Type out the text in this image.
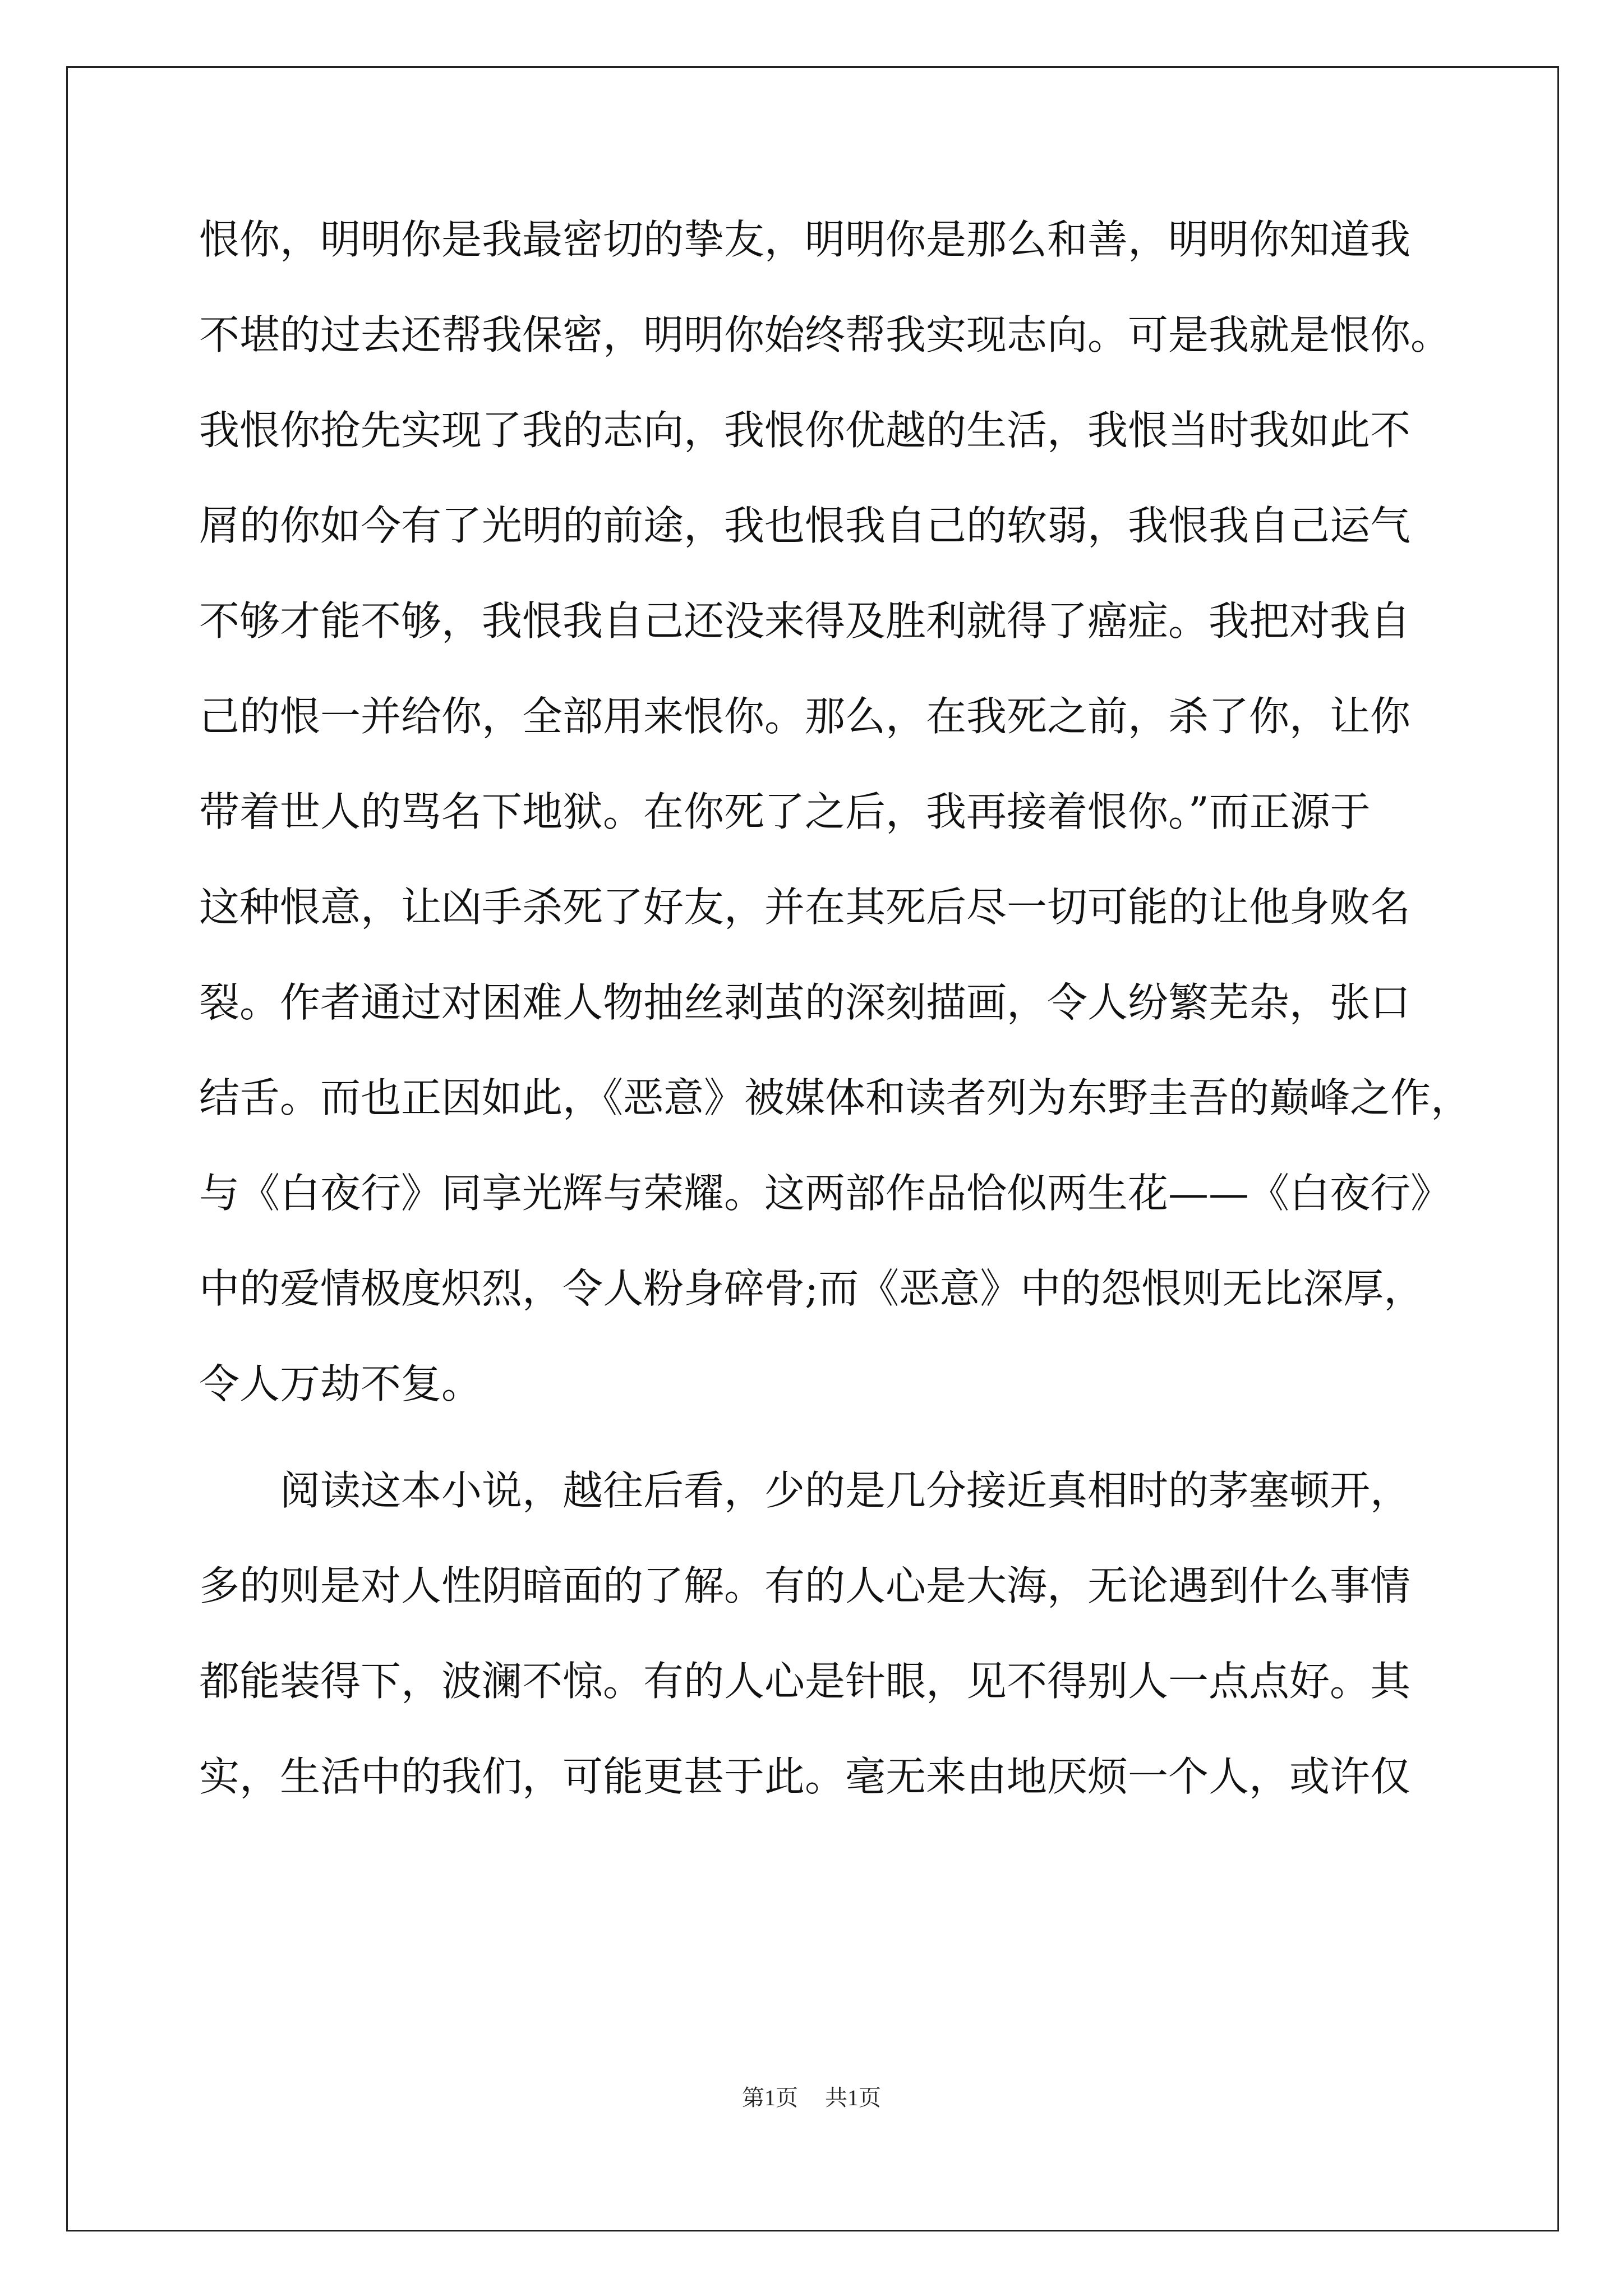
恨你，明明你是我最密切的挚友，明明你是那么和善，明明你知道我
不堪的过去还帮我保密，明明你始终帮我实现志向。可是我就是恨你。
我恨你抢先实现了我的志向，我恨你优越的生活，我恨当时我如此不
屑的你如今有了光明的前途，我也恨我自己的软弱，我恨我自己运气
不够才能不够，我恨我自己还没来得及胜利就得了癌症。我把对我自
己的恨一并给你，全部用来恨你。那么，在我死之前，杀了你，让你
带着世人的骂名下地狱。在你死了之后，我再接着恨你。”而正源于
这种恨意，让凶手杀死了好友，并在其死后尽一切可能的让他身败名
裂。作者通过对困难人物抽丝剥茧的深刻描画，令人纷繁芜杂，张口
结舌。而也正因如此，《恶意》被媒体和读者列为东野圭吾的巅峰之作，
与《白夜行》同享光辉与荣耀。这两部作品恰似两生花——《白夜行》
中的爱情极度炽烈，令人粉身碎骨;而《恶意》中的怨恨则无比深厚，
令人万劫不复。
阅读这本小说，越往后看，少的是几分接近真相时的茅塞顿开，
多的则是对人性阴暗面的了解。有的人心是大海，无论遇到什么事情
都能装得下，波澜不惊。有的人心是针眼，见不得别人一点点好。其
实，生活中的我们，可能更甚于此。毫无来由地厌烦一个人，或许仅
第1页 共1页
